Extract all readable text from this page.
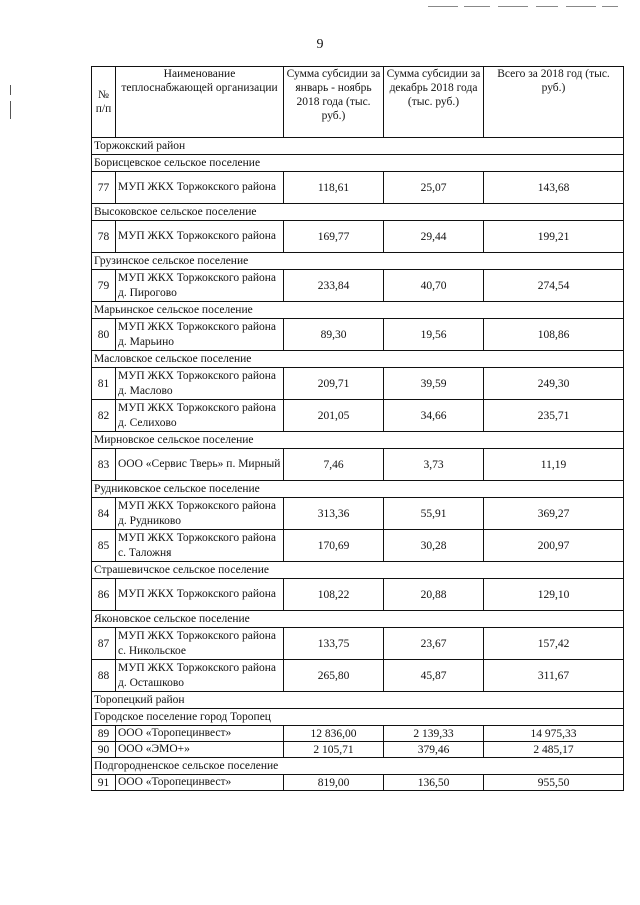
9
№ п/п	Наименование теплоснабжающей организации	Сумма субсидии за январь - ноябрь 2018 года (тыс. руб.)	Сумма субсидии за декабрь 2018 года (тыс. руб.)	Всего за 2018 год (тыс. руб.)
Торжокский район				
Борисцевское сельское поселение				
77	МУП ЖКХ Торжокского района	118,61	25,07	143,68
Высоковское сельское поселение				
78	МУП ЖКХ Торжокского района	169,77	29,44	199,21
Грузинское сельское поселение				
79	МУП ЖКХ Торжокского района д. Пирогово	233,84	40,70	274,54
Марьинское сельское поселение				
80	МУП ЖКХ Торжокского района д. Марьино	89,30	19,56	108,86
Масловское сельское поселение				
81	МУП ЖКХ Торжокского района д. Маслово	209,71	39,59	249,30
82	МУП ЖКХ Торжокского района д. Селихово	201,05	34,66	235,71
Мирновское сельское поселение				
83	ООО «Сервис Тверь» п. Мирный	7,46	3,73	11,19
Рудниковское сельское поселение				
84	МУП ЖКХ Торжокского района д. Рудниково	313,36	55,91	369,27
85	МУП ЖКХ Торжокского района с. Таложня	170,69	30,28	200,97
Страшевичское сельское поселение				
86	МУП ЖКХ Торжокского района	108,22	20,88	129,10
Яконовское сельское поселение				
87	МУП ЖКХ Торжокского района с. Никольское	133,75	23,67	157,42
88	МУП ЖКХ Торжокского района д. Осташково	265,80	45,87	311,67
Торопецкий район				
Городское поселение город Торопец				
89	ООО «Торопецинвест»	12 836,00	2 139,33	14 975,33
90	ООО «ЭМО+»	2 105,71	379,46	2 485,17
Подгородненское сельское поселение				
91	ООО «Торопецинвест»	819,00	136,50	955,50
